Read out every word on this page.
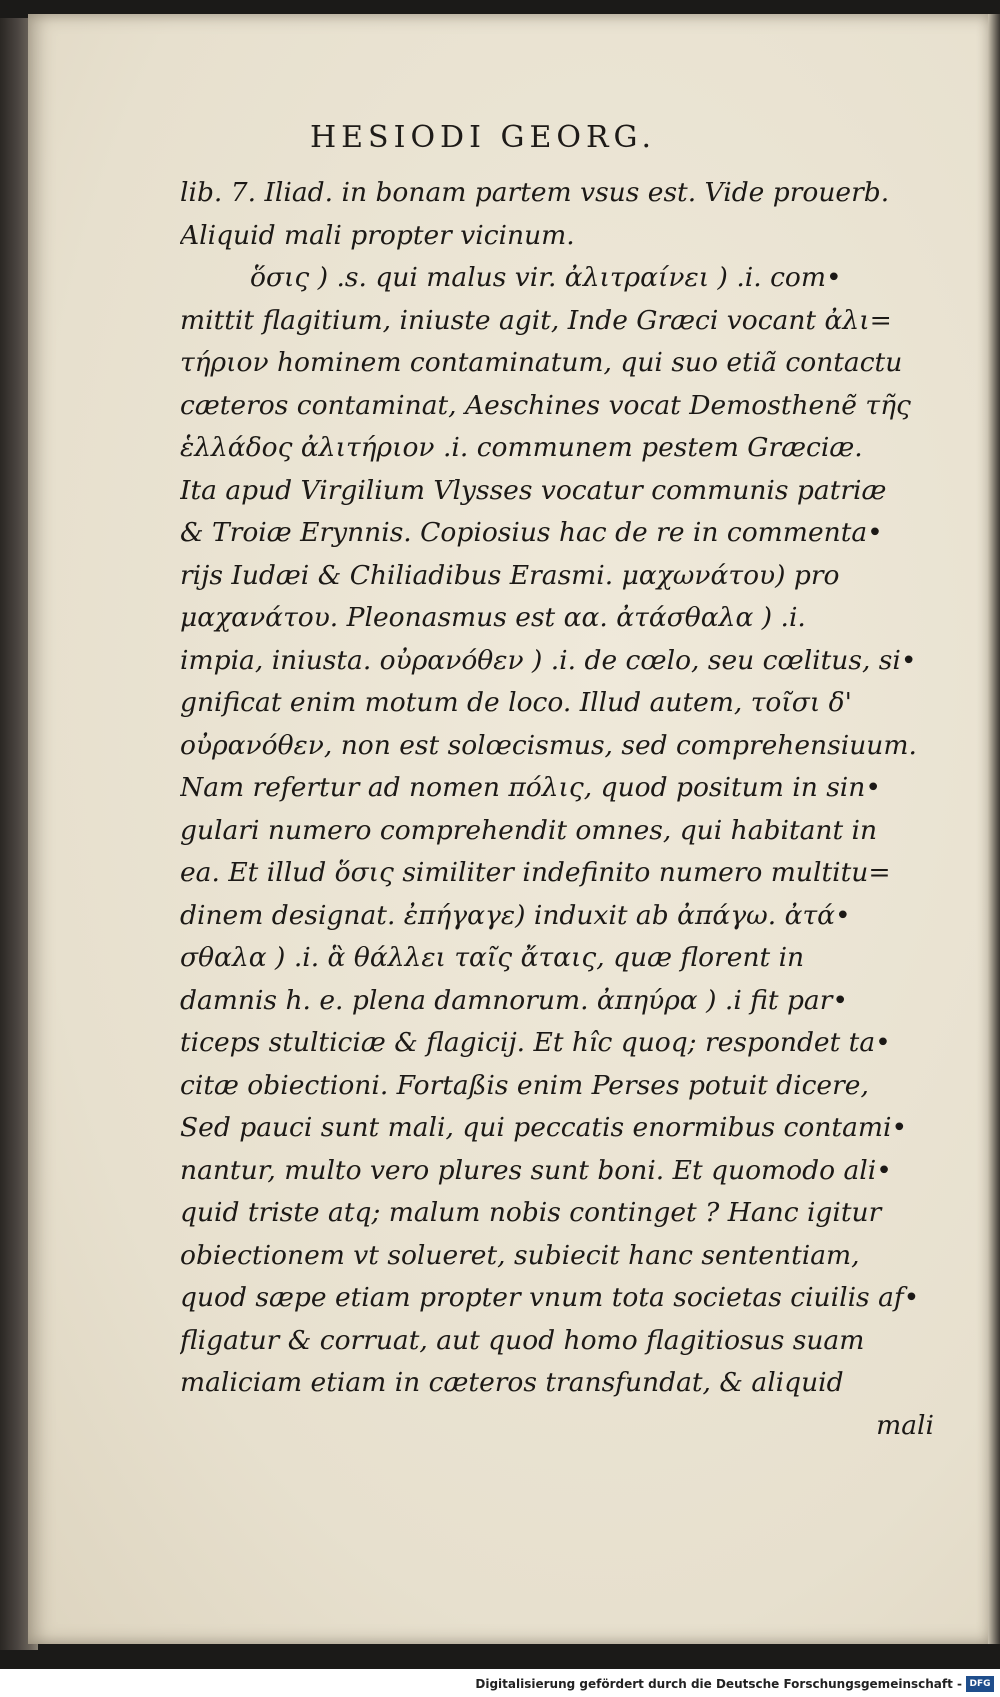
HESIODI GEORG.
lib. 7. Iliad. in bonam partem vsus est. Vide prouerb.
Aliquid mali propter vicinum.
ὅσις ) .s. qui malus vir. ἀλιτραίνει ) .i. com•
mittit flagitium, iniuste agit, Inde Græci vocant ἀλι=
τήριον hominem contaminatum, qui suo etiã contactu
cæteros contaminat, Aeschines vocat Demosthenẽ τῆς
ἑλλάδος ἀλιτήριον .i. communem pestem Græciæ.
Ita apud Virgilium Vlysses vocatur communis patriæ
& Troiæ Erynnis. Copiosius hac de re in commenta•
rijs Iudæi & Chiliadibus Erasmi. μαχωνάτου) pro
μαχανάτου. Pleonasmus est αα. ἀτάσθαλα ) .i.
impia, iniusta. οὐρανόθεν ) .i. de cœlo, seu cœlitus, si•
gnificat enim motum de loco. Illud autem, τοῖσι δ'
οὐρανόθεν, non est solœcismus, sed comprehensiuum.
Nam refertur ad nomen πόλις, quod positum in sin•
gulari numero comprehendit omnes, qui habitant in
ea. Et illud ὅσις similiter indefinito numero multitu=
dinem designat. ἐπήγαγε) induxit ab ἀπάγω. ἀτά•
σθαλα ) .i. ἃ θάλλει ταῖς ἄταις, quæ florent in
damnis h. e. plena damnorum. ἀπηύρα ) .i fit par•
ticeps stulticiæ & flagicij. Et hîc quoq; respondet ta•
citæ obiectioni. Fortaßis enim Perses potuit dicere,
Sed pauci sunt mali, qui peccatis enormibus contami•
nantur, multo vero plures sunt boni. Et quomodo ali•
quid triste atq; malum nobis continget ? Hanc igitur
obiectionem vt solueret, subiecit hanc sententiam,
quod sæpe etiam propter vnum tota societas ciuilis af•
fligatur & corruat, aut quod homo flagitiosus suam
maliciam etiam in cæteros transfundat, & aliquid
mali
Digitalisierung gefördert durch die Deutsche Forschungsgemeinschaft - DFG
